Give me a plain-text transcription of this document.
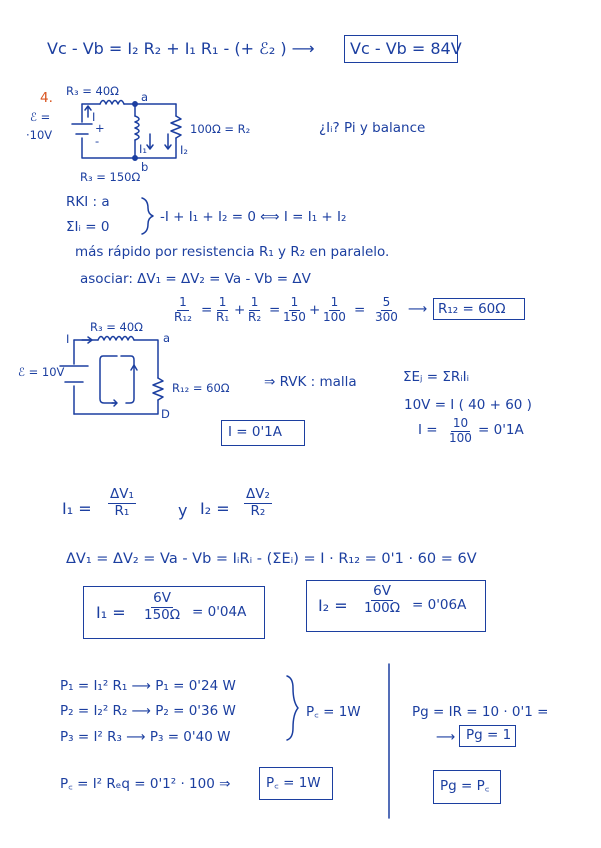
Vc - Vb = I₂ R₂ + I₁ R₁ - (+ ℰ₂ ) ⟶ Vc - Vb = 84V
4. R₃ = 40Ω a
b
ℰ =
·10V	+
-
I
I₁	I₂
100Ω = R₂	¿Iᵢ? Pi y balance
R₃ = 150Ω
RKI : a
ΣIᵢ = 0
-I + I₁ + I₂ = 0 ⟺ I = I₁ + I₂
más rápido por resistencia R₁ y R₂ en paralelo.
asociar: ΔV₁ = ΔV₂ = Va - Vb = ΔV
$\frac{1}{\text{R₁₂}} = \frac{1}{\text{R₁}} + \frac{1}{\text{R₂}} = \frac{1}{150} + \frac{1}{100} = \frac{5}{300}$ ⟶ R₁₂ = 60Ω
R₃ = 40Ω
I	a
ℰ = 10V
R₁₂ = 60Ω
D
⇒ RVK : malla	ΣEⱼ = ΣRᵢIᵢ
10V = I ( 40 + 60 )
$I = \frac{10}{100} = 0'1A$
I = 0'1A
$I_1 = \frac{\text{ΔV₁}}{\text{R₁}}$	y $I_2 = \frac{\text{ΔV₂}}{\text{R₂}}$
ΔV₁ = ΔV₂ = Va - Vb = IᵢRᵢ - (ΣEᵢ) = I · R₁₂ = 0'1 · 60 = 6V
$I_1 = \frac{6V}{150\Omega} = 0'04A$	$I_2 = \frac{6V}{100\Omega} = 0'06A$
P₁ = I₁² R₁ ⟶ P₁ = 0'24 W
P₂ = I₂² R₂ ⟶ P₂ = 0'36 W
P₃ = I² R₃ ⟶ P₃ = 0'40 W
P꜀ = 1W
P꜀ = I² Rₑq = 0'1² · 100 ⇒	P꜀ = 1W
Pg = IR = 10 · 0'1 =
⟶ Pg = 1
Pg = P꜀
